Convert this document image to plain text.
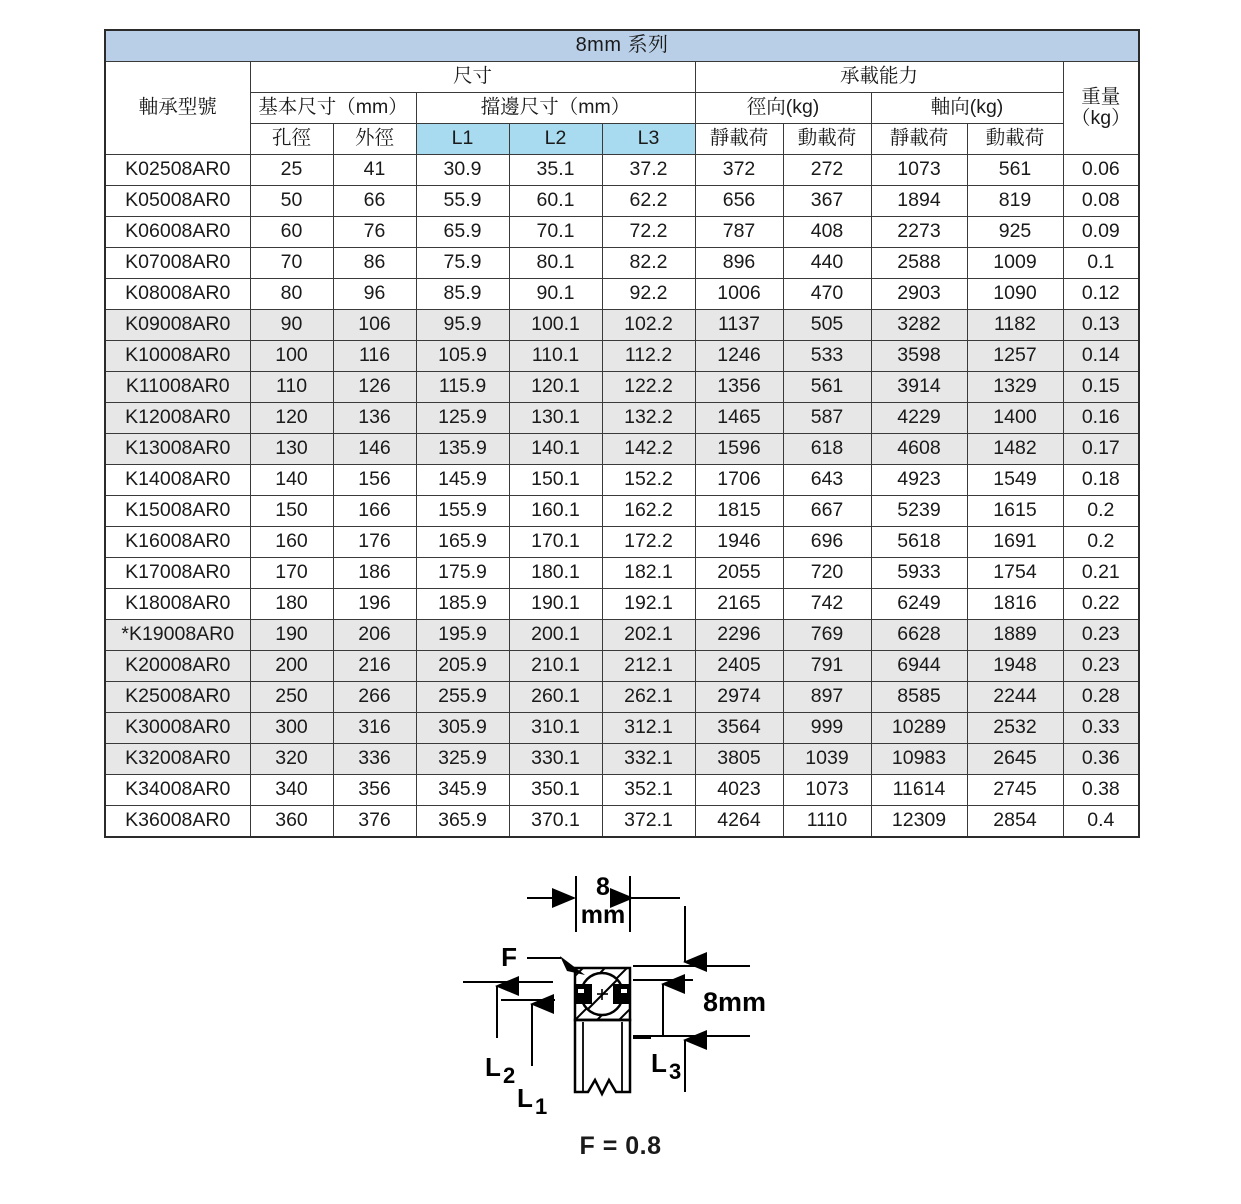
8mm 系列										
軸承型號	尺寸					承載能力				重量
（kg）

	基本尺寸（mm）		擋邊尺寸（mm）			徑向(kg)		軸向(kg)		
	孔徑	外徑	L1	L2	L3	靜載荷	動載荷	靜載荷	動載荷	
K02508AR0	25	41	30.9	35.1	37.2	372	272	1073	561	0.06
K05008AR0	50	66	55.9	60.1	62.2	656	367	1894	819	0.08
K06008AR0	60	76	65.9	70.1	72.2	787	408	2273	925	0.09
K07008AR0	70	86	75.9	80.1	82.2	896	440	2588	1009	0.1
K08008AR0	80	96	85.9	90.1	92.2	1006	470	2903	1090	0.12
K09008AR0	90	106	95.9	100.1	102.2	1137	505	3282	1182	0.13
K10008AR0	100	116	105.9	110.1	112.2	1246	533	3598	1257	0.14
K11008AR0	110	126	115.9	120.1	122.2	1356	561	3914	1329	0.15
K12008AR0	120	136	125.9	130.1	132.2	1465	587	4229	1400	0.16
K13008AR0	130	146	135.9	140.1	142.2	1596	618	4608	1482	0.17
K14008AR0	140	156	145.9	150.1	152.2	1706	643	4923	1549	0.18
K15008AR0	150	166	155.9	160.1	162.2	1815	667	5239	1615	0.2
K16008AR0	160	176	165.9	170.1	172.2	1946	696	5618	1691	0.2
K17008AR0	170	186	175.9	180.1	182.1	2055	720	5933	1754	0.21
K18008AR0	180	196	185.9	190.1	192.1	2165	742	6249	1816	0.22
*K19008AR0	190	206	195.9	200.1	202.1	2296	769	6628	1889	0.23
K20008AR0	200	216	205.9	210.1	212.1	2405	791	6944	1948	0.23
K25008AR0	250	266	255.9	260.1	262.1	2974	897	8585	2244	0.28
K30008AR0	300	316	305.9	310.1	312.1	3564	999	10289	2532	0.33
K32008AR0	320	336	325.9	330.1	332.1	3805	1039	10983	2645	0.36
K34008AR0	340	356	345.9	350.1	352.1	4023	1073	11614	2745	0.38
K36008AR0	360	376	365.9	370.1	372.1	4264	1110	12309	2854	0.4
8
mm
F
L 2
L 1
L 3
8mm
F = 0.8
